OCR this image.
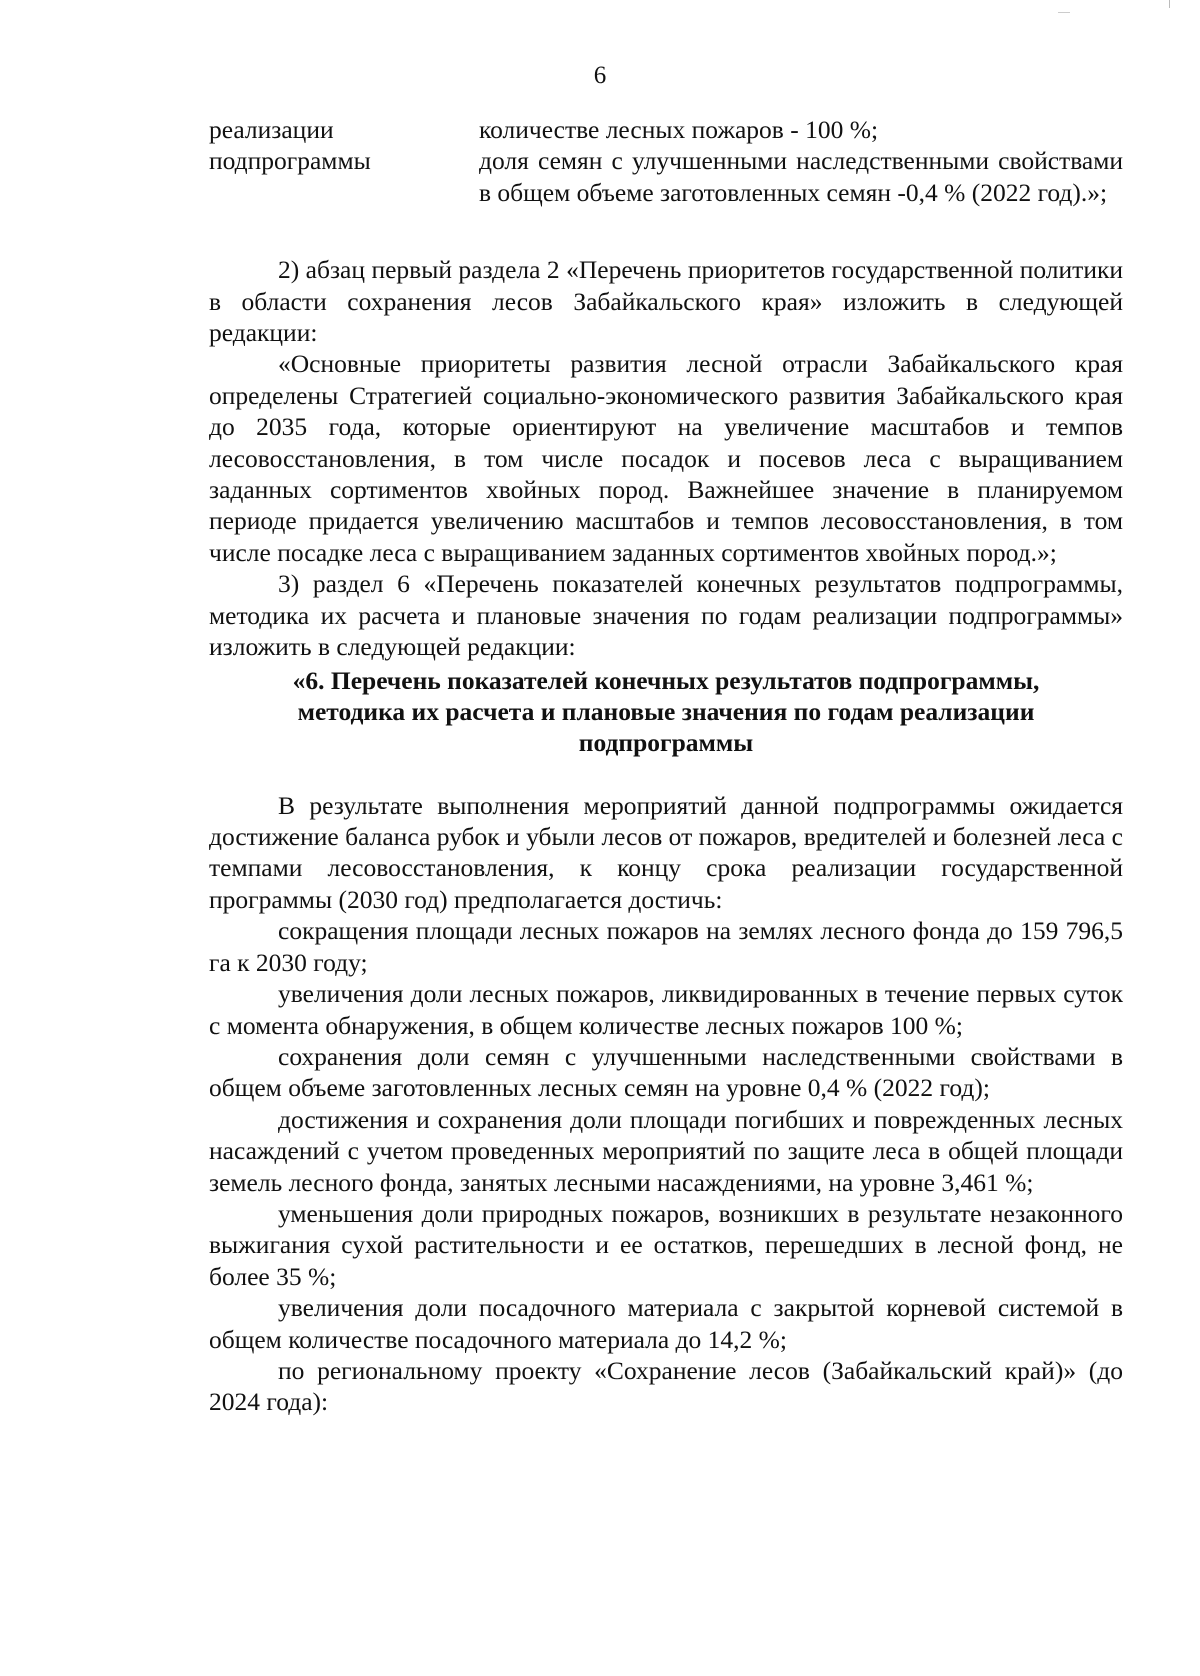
6
реализации
подпрограммы

количестве лесных пожаров - 100 %;

доля семян с улучшенными наследственными свойствами в общем объеме заготовленных семян -0,4 % (2022 год).»;

2) абзац первый раздела 2 «Перечень приоритетов государственной политики в области сохранения лесов Забайкальского края» изложить в следующей редакции:

«Основные приоритеты развития лесной отрасли Забайкальского края определены Стратегией социально-экономического развития Забайкальского края до 2035 года, которые ориентируют на увеличение масштабов и темпов лесовосстановления, в том числе посадок и посевов леса с выращиванием заданных сортиментов хвойных пород. Важнейшее значение в планируемом периоде придается увеличению масштабов и темпов лесовосстановления, в том числе посадке леса с выращиванием заданных сортиментов хвойных пород.»;

3) раздел 6 «Перечень показателей конечных результатов подпрограммы, методика их расчета и плановые значения по годам реализации подпрограммы» изложить в следующей редакции:

«6. Перечень показателей конечных результатов подпрограммы,
методика их расчета и плановые значения по годам реализации
подпрограммы

В результате выполнения мероприятий данной подпрограммы ожидается достижение баланса рубок и убыли лесов от пожаров, вредителей и болезней леса с темпами лесовосстановления, к концу срока реализации государственной программы (2030 год) предполагается достичь:

сокращения площади лесных пожаров на землях лесного фонда до 159 796,5 га к 2030 году;

увеличения доли лесных пожаров, ликвидированных в течение первых суток с момента обнаружения, в общем количестве лесных пожаров 100 %;

сохранения доли семян с улучшенными наследственными свойствами в общем объеме заготовленных лесных семян на уровне 0,4 % (2022 год);

достижения и сохранения доли площади погибших и поврежденных лесных насаждений с учетом проведенных мероприятий по защите леса в общей площади земель лесного фонда, занятых лесными насаждениями, на уровне 3,461 %;

уменьшения доли природных пожаров, возникших в результате незаконного выжигания сухой растительности и ее остатков, перешедших в лесной фонд, не более 35 %;

увеличения доли посадочного материала с закрытой корневой системой в общем количестве посадочного материала до 14,2 %;

по региональному проекту «Сохранение лесов (Забайкальский край)» (до 2024 года):
